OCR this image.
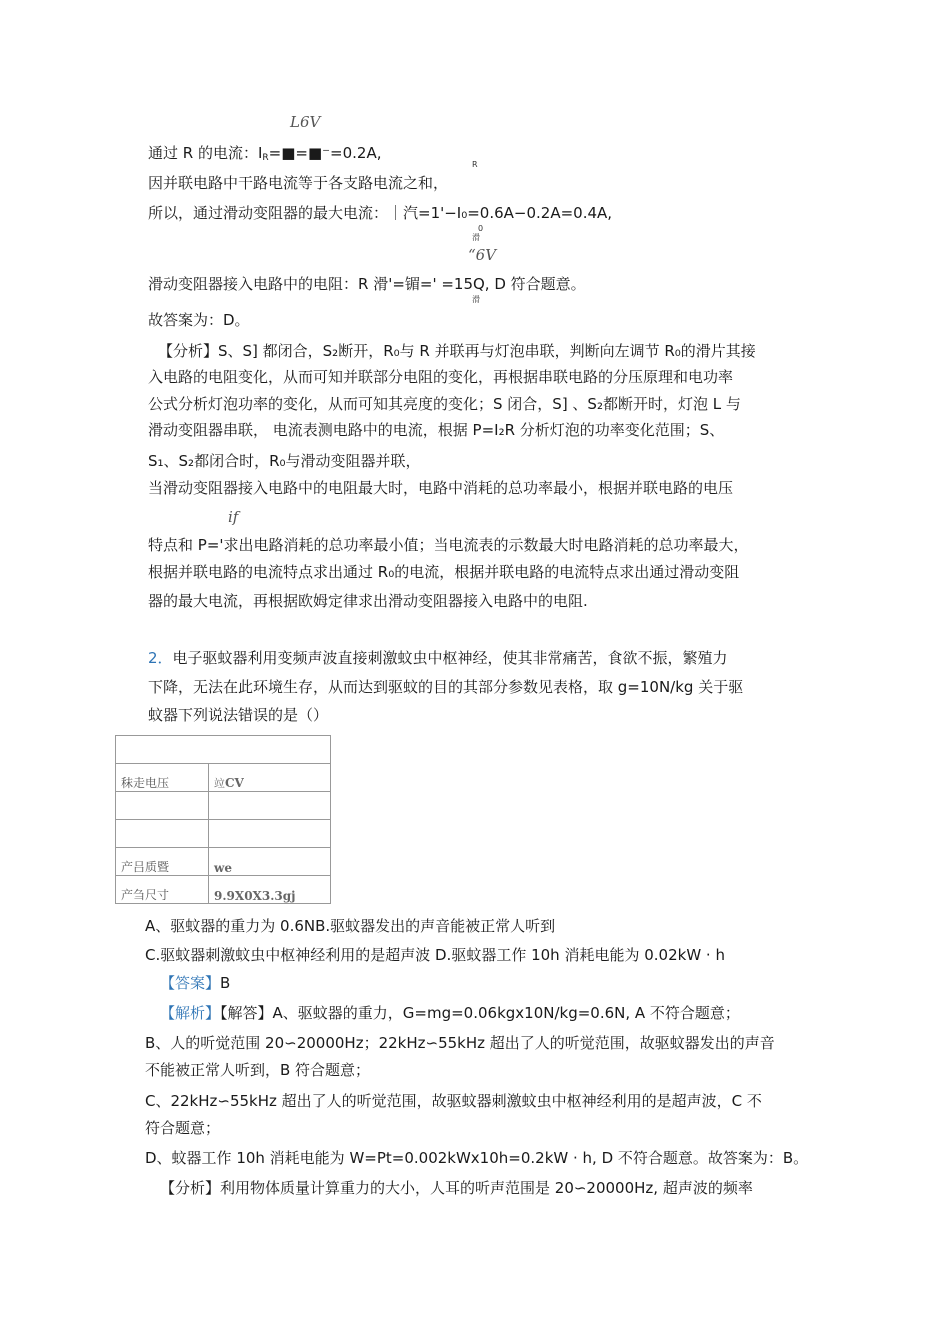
L6V
通过 R 的电流：$I_R=■=■^-=0.2A$,
R
因并联电路中干路电流等于各支路电流之和，
所以，通过滑动变阻器的最大电流：｜汽=1'−I₀=0.6A−0.2A=0.4A,
滑
0
“6V
滑动变阻器接入电路中的电阻：R 滑'=镅=' =15Q, D 符合题意。
滑
故答案为：D。
【分析】S、S] 都闭合，S₂断开，R₀与 R 并联再与灯泡串联，判断向左调节 R₀的滑片其接
入电路的电阻变化，从而可知并联部分电阻的变化，再根据串联电路的分压原理和电功率
公式分析灯泡功率的变化，从而可知其亮度的变化；S 闭合，S] 、S₂都断开时，灯泡 L 与
滑动变阻器串联， 电流表测电路中的电流，根据 P=I₂R 分析灯泡的功率变化范围；S、
S₁、S₂都闭合时，R₀与滑动变阻器并联，
当滑动变阻器接入电路中的电阻最大时，电路中消耗的总功率最小，根据并联电路的电压
if
特点和 P='求出电路消耗的总功率最小值；当电流表的示数最大时电路消耗的总功率最大，
根据并联电路的电流特点求出通过 R₀的电流，根据并联电路的电流特点求出通过滑动变阻
器的最大电流，再根据欧姆定律求出滑动变阻器接入电路中的电阻.
2．电子驱蚊器利用变频声波直接刺激蚊虫中枢神经，使其非常痛苦，食欲不振，繁殖力
下降，无法在此环境生存，从而达到驱蚊的目的其部分参数见表格，取 g=10N/kg 关于驱
蚊器下列说法错误的是（）

秣走电压	竝CV

产吕质暨	we
产刍尺寸	9.9X0X3.3gj
A、驱蚊器的重力为 0.6NB.驱蚊器发出的声音能被正常人听到
C.驱蚊器刺激蚊虫中枢神经利用的是超声波 D.驱蚊器工作 10h 消耗电能为 0.02kW · h
【答案】B
【解析】【解答】A、驱蚊器的重力，G=mg=0.06kgx10N/kg=0.6N, A 不符合题意；
B、人的听觉范围 20∽20000Hz；22kHz∽55kHz 超出了人的听觉范围，故驱蚊器发出的声音
不能被正常人听到，B 符合题意；
C、22kHz∽55kHz 超出了人的听觉范围，故驱蚊器刺激蚊虫中枢神经利用的是超声波，C 不
符合题意；
D、蚊器工作 10h 消耗电能为 W=Pt=0.002kWx10h=0.2kW · h, D 不符合题意。故答案为：B。
【分析】利用物体质量计算重力的大小，人耳的听声范围是 20∽20000Hz, 超声波的频率
